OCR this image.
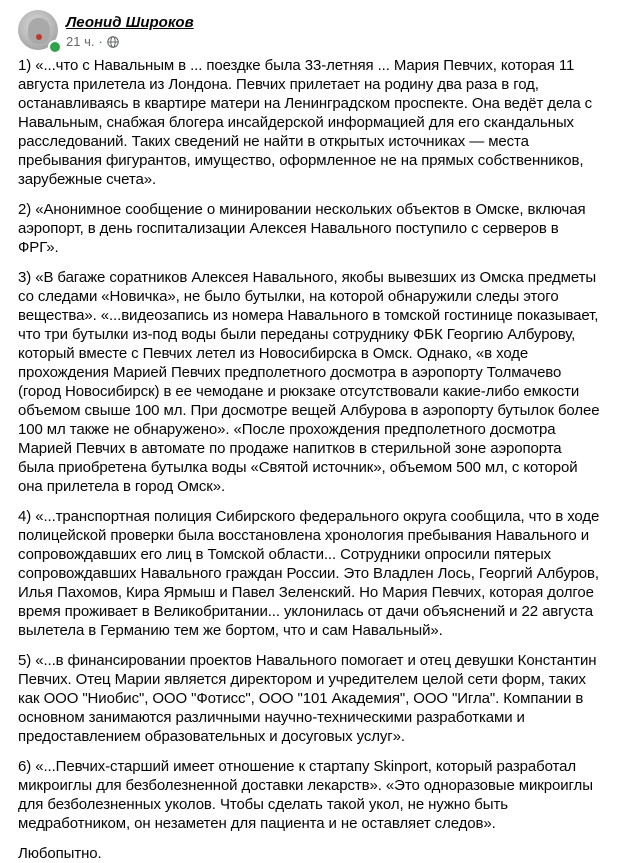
Леонид Широков
21 ч. ·

1) «...что с Навальным в ... поездке была 33-летняя ... Мария Певчих, которая 11 августа прилетела из Лондона. Певчих прилетает на родину два раза в год, останавливаясь в квартире матери на Ленинградском проспекте. Она ведёт дела с Навальным, снабжая блогера инсайдерской информацией для его скандальных расследований. Таких сведений не найти в открытых источниках — места пребывания фигурантов, имущество, оформленное не на прямых собственников, зарубежные счета».

2) «Анонимное сообщение о минировании нескольких объектов в Омске, включая аэропорт, в день госпитализации Алексея Навального поступило с серверов в ФРГ».

3) «В багаже соратников Алексея Навального, якобы вывезших из Омска предметы со следами «Новичка», не было бутылки, на которой обнаружили следы этого вещества». «...видеозапись из номера Навального в томской гостинице показывает, что три бутылки из-под воды были переданы сотруднику ФБК Георгию Албурову, который вместе с Певчих летел из Новосибирска в Омск. Однако, «в ходе прохождения Марией Певчих предполетного досмотра в аэропорту Толмачево (город Новосибирск) в ее чемодане и рюкзаке отсутствовали какие-либо емкости объемом свыше 100 мл. При досмотре вещей Албурова в аэропорту бутылок более 100 мл также не обнаружено». «После прохождения предполетного досмотра Марией Певчих в автомате по продаже напитков в стерильной зоне аэропорта была приобретена бутылка воды «Святой источник», объемом 500 мл, с которой она прилетела в город Омск».

4) «...транспортная полиция Сибирского федерального округа сообщила, что в ходе полицейской проверки была восстановлена хронология пребывания Навального и сопровождавших его лиц в Томской области... Сотрудники опросили пятерых сопровождавших Навального граждан России. Это Владлен Лось, Георгий Албуров, Илья Пахомов, Кира Ярмыш и Павел Зеленский. Но Мария Певчих, которая долгое время проживает в Великобритании... уклонилась от дачи объяснений и 22 августа вылетела в Германию тем же бортом, что и сам Навальный».

5) «...в финансировании проектов Навального помогает и отец девушки Константин Певчих. Отец Марии является директором и учредителем целой сети форм, таких как ООО "Ниобис", ООО "Фотисс", ООО "101 Академия", ООО "Игла". Компании в основном занимаются различными научно-техническими разработками и предоставлением образовательных и досуговых услуг».

6) «...Певчих-старший имеет отношение к стартапу Skinport, который разработал микроиглы для безболезненной доставки лекарств». «Это одноразовые микроиглы для безболезненных уколов. Чтобы сделать такой укол, не нужно быть медработником, он незаметен для пациента и не оставляет следов».

Любопытно.
